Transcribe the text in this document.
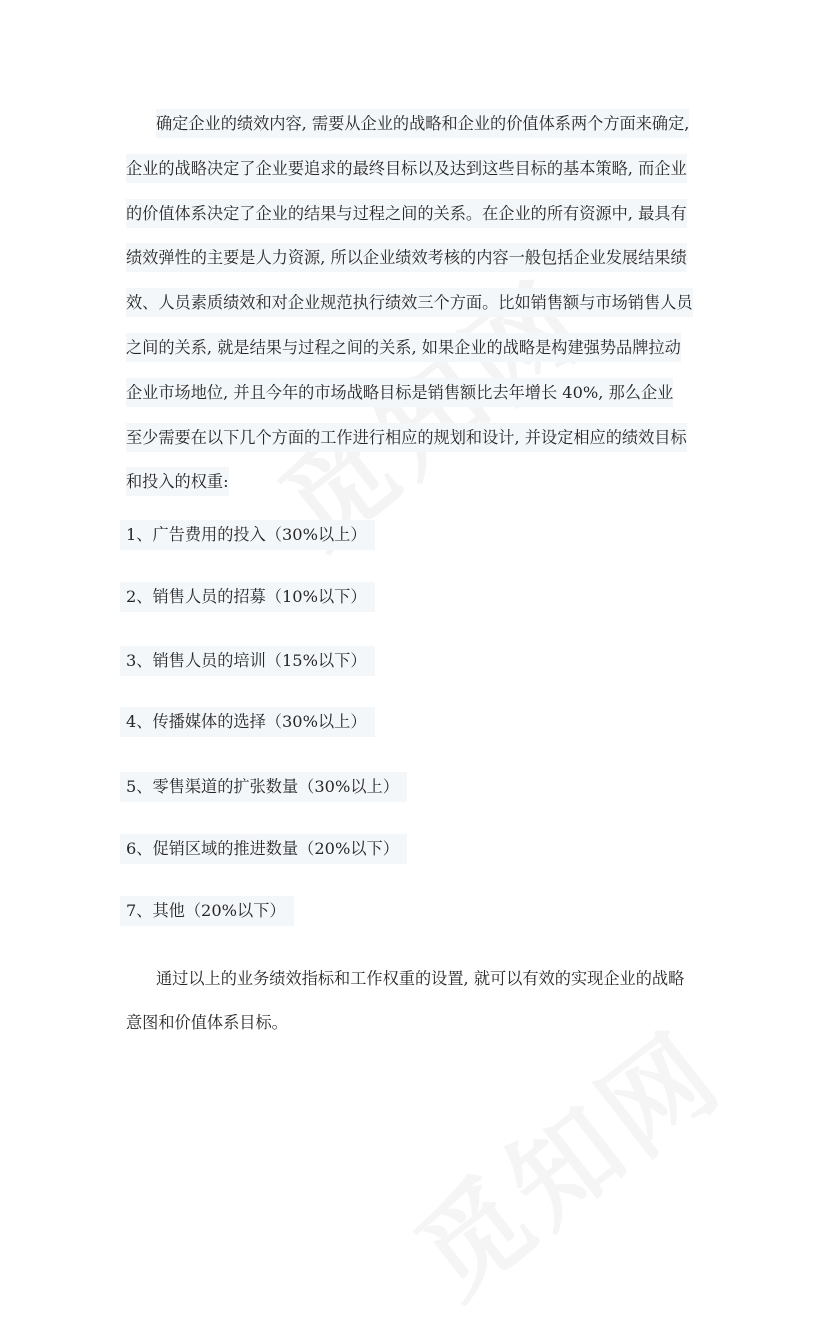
确定企业的绩效内容, 需要从企业的战略和企业的价值体系两个方面来确定,
企业的战略决定了企业要追求的最终目标以及达到这些目标的基本策略, 而企业
的价值体系决定了企业的结果与过程之间的关系。在企业的所有资源中, 最具有
绩效弹性的主要是人力资源, 所以企业绩效考核的内容一般包括企业发展结果绩
效、人员素质绩效和对企业规范执行绩效三个方面。比如销售额与市场销售人员
之间的关系, 就是结果与过程之间的关系, 如果企业的战略是构建强势品牌拉动
企业市场地位, 并且今年的市场战略目标是销售额比去年增长 40%, 那么企业
至少需要在以下几个方面的工作进行相应的规划和设计, 并设定相应的绩效目标
和投入的权重:
1、广告费用的投入（30%以上）
2、销售人员的招募（10%以下）
3、销售人员的培训（15%以下）
4、传播媒体的选择（30%以上）
5、零售渠道的扩张数量（30%以上）
6、促销区域的推进数量（20%以下）
7、其他（20%以下）
通过以上的业务绩效指标和工作权重的设置, 就可以有效的实现企业的战略
意图和价值体系目标。
